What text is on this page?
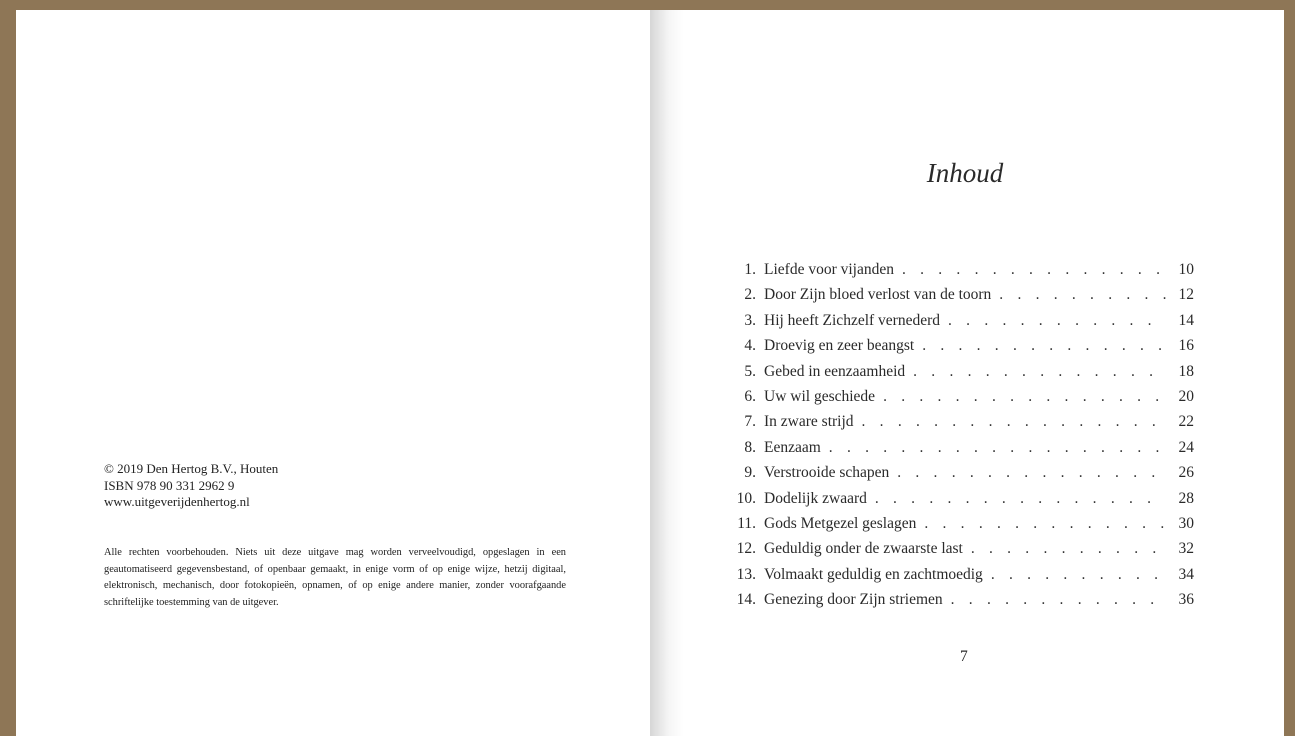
© 2019 Den Hertog B.V., Houten
ISBN 978 90 331 2962 9
www.uitgeverijdenhertog.nl
Alle rechten voorbehouden. Niets uit deze uitgave mag worden verveelvoudigd, opgeslagen in een geautomatiseerd gegevensbestand, of openbaar gemaakt, in enige vorm of op enige wijze, hetzij digitaal, elektronisch, mechanisch, door fotokopieën, opnamen, of op enige andere manier, zonder voorafgaande schriftelijke toestemming van de uitgever.
Inhoud
1. Liefde voor vijanden . . .	10
2. Door Zijn bloed verlost van de toorn . . .	12
3. Hij heeft Zichzelf vernederd . . .	14
4. Droevig en zeer beangst . . .	16
5. Gebed in eenzaamheid . . .	18
6. Uw wil geschiede . . .	20
7. In zware strijd . . .	22
8. Eenzaam . . .	24
9. Verstrooide schapen . . .	26
10. Dodelijk zwaard . . .	28
11. Gods Metgezel geslagen . . .	30
12. Geduldig onder de zwaarste last . . .	32
13. Volmaakt geduldig en zachtmoedig . . .	34
14. Genezing door Zijn striemen . . .	36
7
